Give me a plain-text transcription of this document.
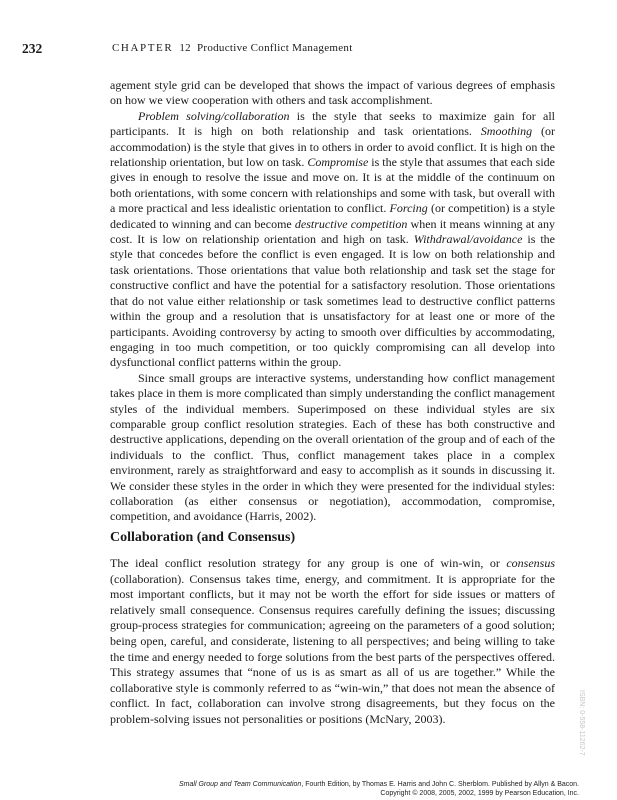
232	CHAPTER 12 Productive Conflict Management

agement style grid can be developed that shows the impact of various degrees of emphasis on how we view cooperation with others and task accomplishment.

Problem solving/collaboration is the style that seeks to maximize gain for all participants. It is high on both relationship and task orientations. Smoothing (or accommodation) is the style that gives in to others in order to avoid conflict. It is high on the relationship orientation, but low on task. Compromise is the style that assumes that each side gives in enough to resolve the issue and move on. It is at the middle of the continuum on both orientations, with some concern with relationships and some with task, but overall with a more practical and less idealistic orientation to conflict. Forcing (or competition) is a style dedicated to winning and can become destructive competition when it means winning at any cost. It is low on relationship orientation and high on task. Withdrawal/avoidance is the style that concedes before the conflict is even engaged. It is low on both relationship and task orientations. Those orientations that value both relationship and task set the stage for constructive conflict and have the potential for a satisfactory resolution. Those orientations that do not value either relationship or task sometimes lead to destructive conflict patterns within the group and a resolution that is unsatisfactory for at least one or more of the participants. Avoiding controversy by acting to smooth over difficulties by accommodating, engaging in too much competition, or too quickly compromising can all develop into dysfunctional conflict patterns within the group.

Since small groups are interactive systems, understanding how conflict management takes place in them is more complicated than simply understanding the conflict management styles of the individual members. Superimposed on these individual styles are six comparable group conflict resolution strategies. Each of these has both constructive and destructive applications, depending on the overall orientation of the group and of each of the individuals to the conflict. Thus, conflict management takes place in a complex environment, rarely as straightforward and easy to accomplish as it sounds in discussing it. We consider these styles in the order in which they were presented for the individual styles: collaboration (as either consensus or negotiation), accommodation, compromise, competition, and avoidance (Harris, 2002).

Collaboration (and Consensus)

The ideal conflict resolution strategy for any group is one of win-win, or consensus (collaboration). Consensus takes time, energy, and commitment. It is appropriate for the most important conflicts, but it may not be worth the effort for side issues or matters of relatively small consequence. Consensus requires carefully defining the issues; discussing group-process strategies for communication; agreeing on the parameters of a good solution; being open, careful, and considerate, listening to all perspectives; and being willing to take the time and energy needed to forge solutions from the best parts of the perspectives offered. This strategy assumes that “none of us is as smart as all of us are together.” While the collaborative style is commonly referred to as “win-win,” that does not mean the absence of conflict. In fact, collaboration can involve strong disagreements, but they focus on the problem-solving issues not personalities or positions (McNary, 2003).	ISBN: 0-558-11262-7
Small Group and Team Communication, Fourth Edition, by Thomas E. Harris and John C. Sherblom. Published by Allyn & Bacon.
Copyright © 2008, 2005, 2002, 1999 by Pearson Education, Inc.
